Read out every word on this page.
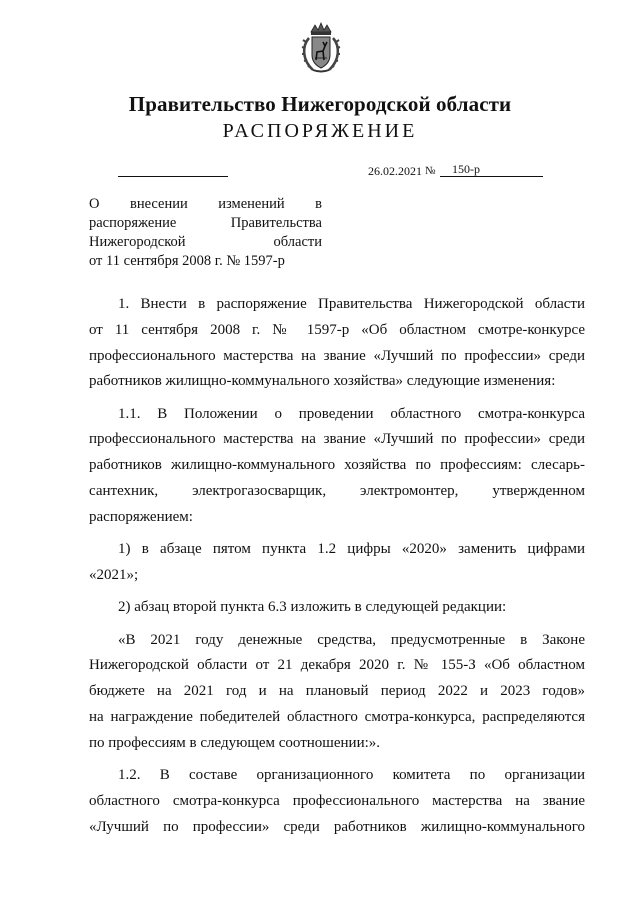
Правительство Нижегородской области
РАСПОРЯЖЕНИЕ
26.02.2021 №	150-р
О внесении изменений в
распоряжение Правительства
Нижегородской области
от 11 сентября 2008 г. № 1597-р
1. Внести в распоряжение Правительства Нижегородской области
от 11 сентября 2008 г. № 1597-р «Об областном смотре-конкурсе
профессионального мастерства на звание «Лучший по профессии» среди
работников жилищно-коммунального хозяйства» следующие изменения:
1.1. В Положении о проведении областного смотра-конкурса
профессионального мастерства на звание «Лучший по профессии» среди
работников жилищно-коммунального хозяйства по профессиям: слесарь-
сантехник, электрогазосварщик, электромонтер, утвержденном
распоряжением:
1) в абзаце пятом пункта 1.2 цифры «2020» заменить цифрами
«2021»;
2) абзац второй пункта 6.3 изложить в следующей редакции:
«В 2021 году денежные средства, предусмотренные в Законе
Нижегородской области от 21 декабря 2020 г. № 155-З «Об областном
бюджете на 2021 год и на плановый период 2022 и 2023 годов»
на награждение победителей областного смотра-конкурса, распределяются
по профессиям в следующем соотношении:».
1.2. В составе организационного комитета по организации
областного смотра-конкурса профессионального мастерства на звание
«Лучший по профессии» среди работников жилищно-коммунального
